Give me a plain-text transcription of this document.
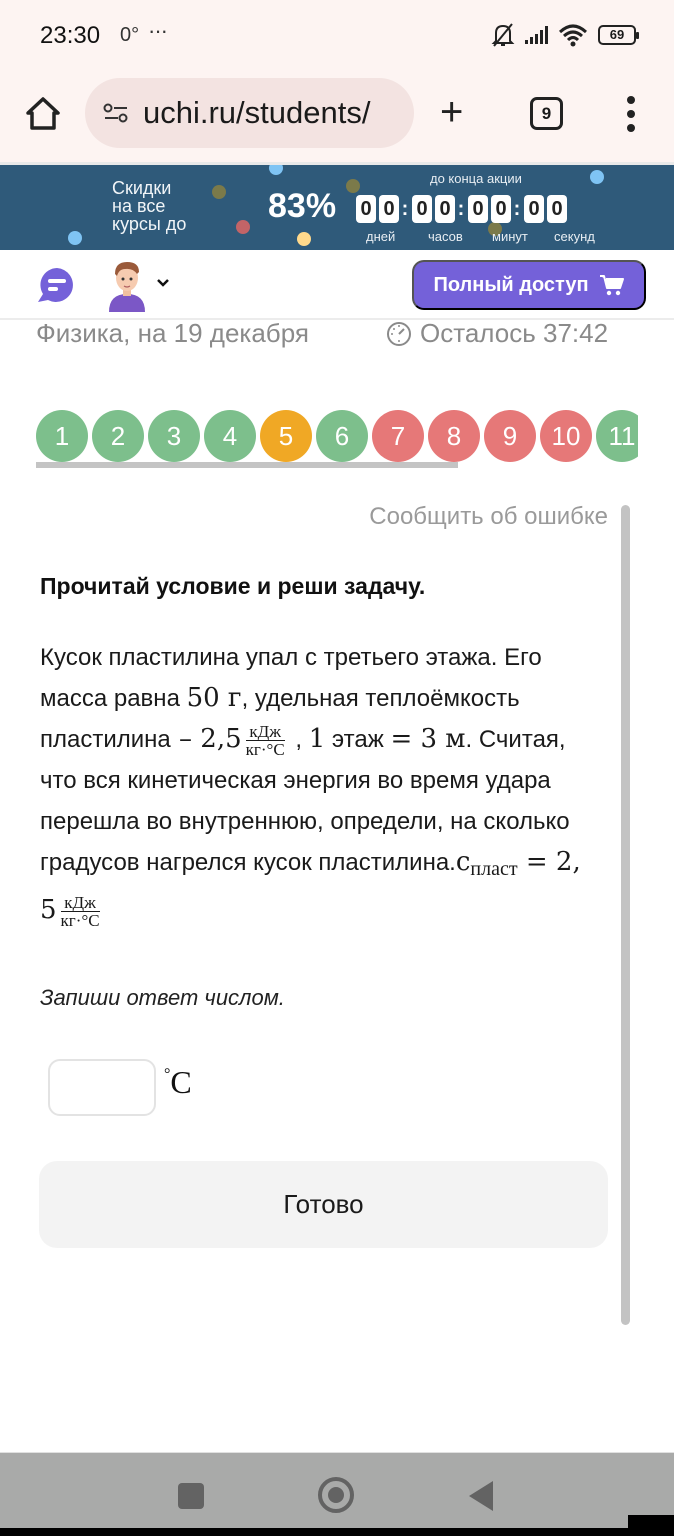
23:30 0° ···	69
uchi.ru/students/ +	9
Скидки
на все
курсы до 83%
до конца акции
0 0 : 0 0 : 0 0 : 0 0
дней	часов минут секунд
Полный доступ
Физика, на 19 декабря	Осталось 37:42
1	2	3	4	5	6	7	8	9	10	11
Сообщить об ошибке
Прочитай условие и реши задачу.
Кусок пластилина упал с третьего этажа. Его масса равна 50 г, удельная теплоёмкость пластилина – $2,5 \frac{\text{кДж}}{кг\cdot^\circ C}$ , 1 этаж = 3 м. Считая, что вся кинетическая энергия во время удара перешла во внутреннюю, определи, на сколько градусов нагрелся кусок $пластилина.c_{пласт} = 2$, $5 \frac{\text{кДж}}{кг\cdot^\circ C}$
Запиши ответ числом.
°C
Готово
